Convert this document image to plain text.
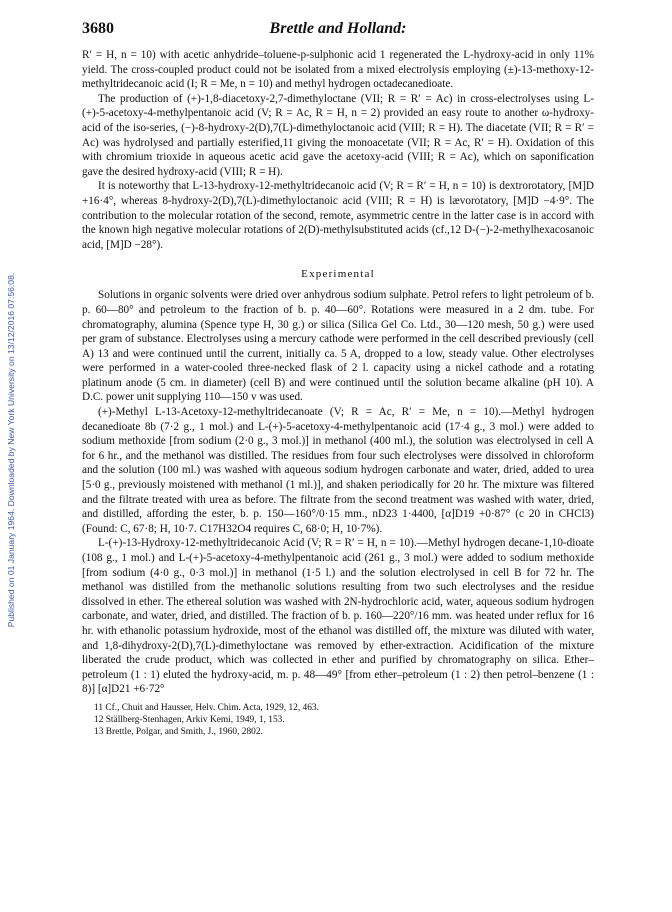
Published on 01 January 1964. Downloaded by New York University on 13/12/2016 07:56:08.
3680	Brettle and Holland:

R′ = H, n = 10) with acetic anhydride–toluene-p-sulphonic acid 1 regenerated the L-hydroxy-acid in only 11% yield. The cross-coupled product could not be isolated from a mixed electrolysis employing (±)-13-methoxy-12-methyltridecanoic acid (I; R = Me, n = 10) and methyl hydrogen octadecanedioate.

The production of (+)-1,8-diacetoxy-2,7-dimethyloctane (VII; R = R′ = Ac) in cross-electrolyses using L-(+)-5-acetoxy-4-methylpentanoic acid (V; R = Ac, R = H, n = 2) provided an easy route to another ω-hydroxy-acid of the iso-series, (−)-8-hydroxy-2(D),7(L)-dimethyloctanoic acid (VIII; R = H). The diacetate (VII; R = R′ = Ac) was hydrolysed and partially esterified,11 giving the monoacetate (VII; R = Ac, R′ = H). Oxidation of this with chromium trioxide in aqueous acetic acid gave the acetoxy-acid (VIII; R = Ac), which on saponification gave the desired hydroxy-acid (VIII; R = H).

It is noteworthy that L-13-hydroxy-12-methyltridecanoic acid (V; R = R′ = H, n = 10) is dextrorotatory, [M]D +16·4°, whereas 8-hydroxy-2(D),7(L)-dimethyloctanoic acid (VIII; R = H) is lævorotatory, [M]D −4·9°. The contribution to the molecular rotation of the second, remote, asymmetric centre in the latter case is in accord with the known high negative molecular rotations of 2(D)-methylsubstituted acids (cf.,12 D-(−)-2-methylhexacosanoic acid, [M]D −28°).

Experimental

Solutions in organic solvents were dried over anhydrous sodium sulphate. Petrol refers to light petroleum of b. p. 60—80° and petroleum to the fraction of b. p. 40—60°. Rotations were measured in a 2 dm. tube. For chromatography, alumina (Spence type H, 30 g.) or silica (Silica Gel Co. Ltd., 30—120 mesh, 50 g.) were used per gram of substance. Electrolyses using a mercury cathode were performed in the cell described previously (cell A) 13 and were continued until the current, initially ca. 5 A, dropped to a low, steady value. Other electrolyses were performed in a water-cooled three-necked flask of 2 l. capacity using a nickel cathode and a rotating platinum anode (5 cm. in diameter) (cell B) and were continued until the solution became alkaline (pH 10). A D.C. power unit supplying 110—150 v was used.

(+)-Methyl L-13-Acetoxy-12-methyltridecanoate (V; R = Ac, R′ = Me, n = 10).—Methyl hydrogen decanedioate 8b (7·2 g., 1 mol.) and L-(+)-5-acetoxy-4-methylpentanoic acid (17·4 g., 3 mol.) were added to sodium methoxide [from sodium (2·0 g., 3 mol.)] in methanol (400 ml.), the solution was electrolysed in cell A for 6 hr., and the methanol was distilled. The residues from four such electrolyses were dissolved in chloroform and the solution (100 ml.) was washed with aqueous sodium hydrogen carbonate and water, dried, added to urea [5·0 g., previously moistened with methanol (1 ml.)], and shaken periodically for 20 hr. The mixture was filtered and the filtrate treated with urea as before. The filtrate from the second treatment was washed with water, dried, and distilled, affording the ester, b. p. 150—160°/0·15 mm., nD23 1·4400, [α]D19 +0·87° (c 20 in CHCl3) (Found: C, 67·8; H, 10·7. C17H32O4 requires C, 68·0; H, 10·7%).

L-(+)-13-Hydroxy-12-methyltridecanoic Acid (V; R = R′ = H, n = 10).—Methyl hydrogen decane-1,10-dioate (108 g., 1 mol.) and L-(+)-5-acetoxy-4-methylpentanoic acid (261 g., 3 mol.) were added to sodium methoxide [from sodium (4·0 g., 0·3 mol.)] in methanol (1·5 l.) and the solution electrolysed in cell B for 72 hr. The methanol was distilled from the methanolic solutions resulting from two such electrolyses and the residue dissolved in ether. The ethereal solution was washed with 2N-hydrochloric acid, water, aqueous sodium hydrogen carbonate, and water, dried, and distilled. The fraction of b. p. 160—220°/16 mm. was heated under reflux for 16 hr. with ethanolic potassium hydroxide, most of the ethanol was distilled off, the mixture was diluted with water, and 1,8-dihydroxy-2(D),7(L)-dimethyloctane was removed by ether-extraction. Acidification of the mixture liberated the crude product, which was collected in ether and purified by chromatography on silica. Ether–petroleum (1 : 1) eluted the hydroxy-acid, m. p. 48—49° [from ether–petroleum (1 : 2) then petrol–benzene (1 : 8)] [α]D21 +6·72°

11 Cf., Chuit and Hausser, Helv. Chim. Acta, 1929, 12, 463.
12 Ställberg-Stenhagen, Arkiv Kemi, 1949, 1, 153.
13 Brettle, Polgar, and Smith, J., 1960, 2802.
